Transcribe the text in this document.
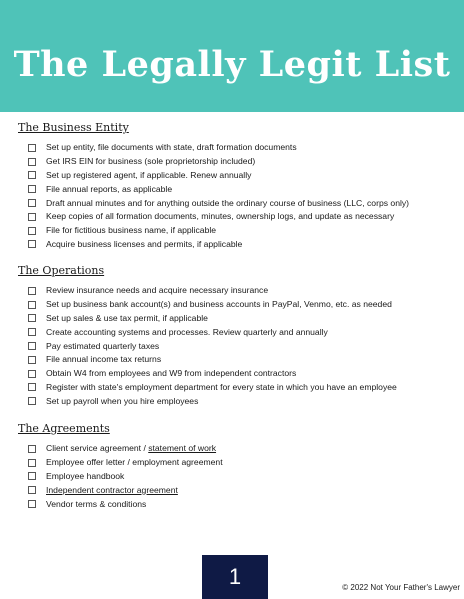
The Legally Legit List
The Business Entity
Set up entity, file documents with state, draft formation documents
Get IRS EIN for business (sole proprietorship included)
Set up registered agent, if applicable. Renew annually
File annual reports, as applicable
Draft annual minutes and for anything outside the ordinary course of business (LLC, corps only)
Keep copies of all formation documents, minutes, ownership logs, and update as necessary
File for fictitious business name, if applicable
Acquire business licenses and permits, if applicable
The Operations
Review insurance needs and acquire necessary insurance
Set up business bank account(s) and business accounts in PayPal, Venmo, etc. as needed
Set up sales & use tax permit, if applicable
Create accounting systems and processes. Review quarterly and annually
Pay estimated quarterly taxes
File annual income tax returns
Obtain W4 from employees and W9 from independent contractors
Register with state's employment department for every state in which you have an employee
Set up payroll when you hire employees
The Agreements
Client service agreement / statement of work
Employee offer letter / employment agreement
Employee handbook
Independent contractor agreement
Vendor terms & conditions
1	© 2022 Not Your Father's Lawyer
